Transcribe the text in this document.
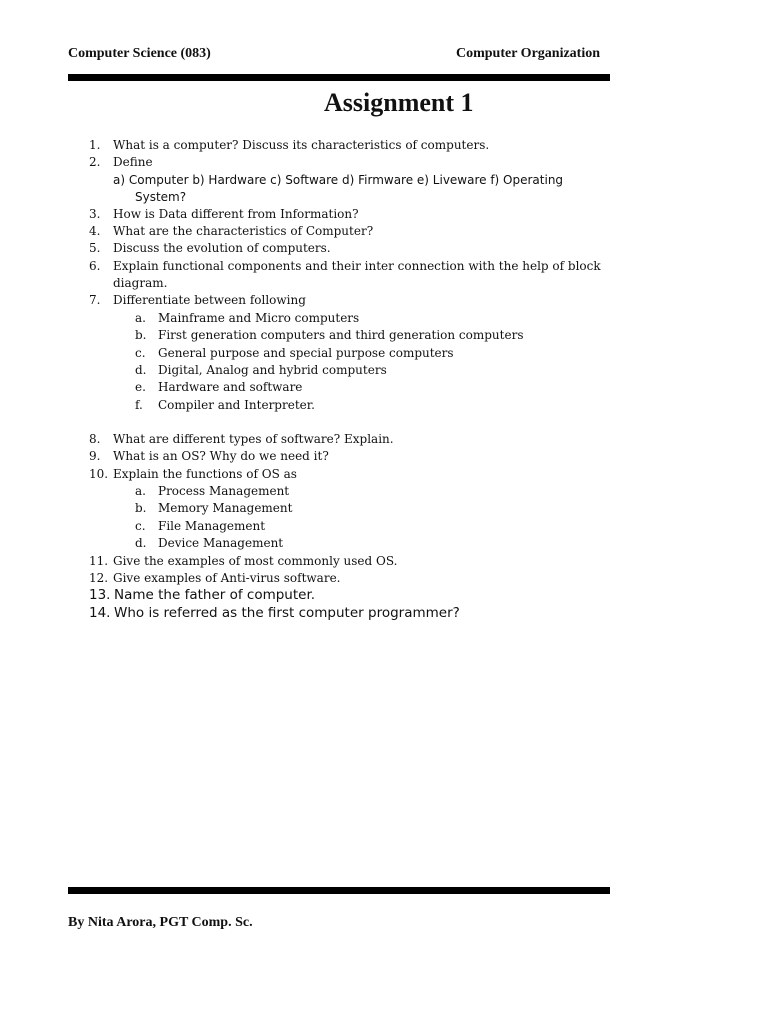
Computer Science (083)	Computer Organization
Assignment 1
1. What is a computer? Discuss its characteristics of computers.
2. Define
a) Computer b) Hardware c) Software d) Firmware e) Liveware f) Operating
System?
3. How is Data different from Information?
4. What are the characteristics of Computer?
5. Discuss the evolution of computers.
6. Explain functional components and their inter connection with the help of block
diagram.
7. Differentiate between following
a. Mainframe and Micro computers
b. First generation computers and third generation computers
c. General purpose and special purpose computers
d. Digital, Analog and hybrid computers
e. Hardware and software
f. Compiler and Interpreter.
8. What are different types of software? Explain.
9. What is an OS? Why do we need it?
10. Explain the functions of OS as
a. Process Management
b. Memory Management
c. File Management
d. Device Management
11. Give the examples of most commonly used OS.
12. Give examples of Anti-virus software.
13. Name the father of computer.
14. Who is referred as the first computer programmer?
By Nita Arora, PGT Comp. Sc.
